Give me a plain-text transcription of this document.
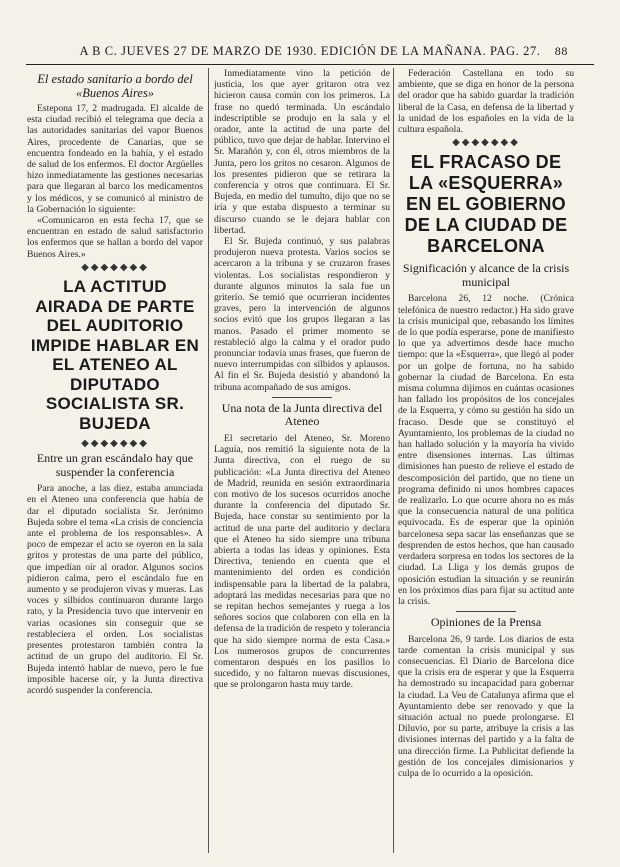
A B C. JUEVES 27 DE MARZO DE 1930. EDICIÓN DE LA MAÑANA. PAG. 27. 88
El estado sanitario a bordo del «Buenos Aires»

Estepona 17, 2 madrugada. El alcalde de esta ciudad recibió el telegrama que decía a las autoridades sanitarias del vapor Buenos Aires, procedente de Canarias, que se encuentra fondeado en la bahía, y el estado de salud de los enfermos. El doctor Argüelles hizo inmediatamente las gestiones necesarias para que llegaran al barco los medicamentos y los médicos, y se comunicó al ministro de la Gobernación lo siguiente:

«Comunicaron en esta fecha 17, que se encuentran en estado de salud satisfactorio los enfermos que se hallan a bordo del vapor Buenos Aires.»

◆◆◆◆◆◆◆
LA ACTITUD AIRADA DE PARTE DEL AUDITORIO IMPIDE HABLAR EN EL ATENEO AL DIPUTADO SOCIALISTA SR. BUJEDA
◆◆◆◆◆◆◆
Entre un gran escándalo hay que suspender la conferencia

Para anoche, a las diez, estaba anunciada en el Ateneo una conferencia que había de dar el diputado socialista Sr. Jerónimo Bujeda sobre el tema «La crisis de conciencia ante el problema de los responsables». A poco de empezar el acto se oyeron en la sala gritos y protestas de una parte del público, que impedían oír al orador. Algunos socios pidieron calma, pero el escándalo fue en aumento y se produjeron vivas y mueras. Las voces y silbidos continuaron durante largo rato, y la Presidencia tuvo que intervenir en varias ocasiones sin conseguir que se restableciera el orden. Los socialistas presentes protestaron también contra la actitud de un grupo del auditorio. El Sr. Bujeda intentó hablar de nuevo, pero le fue imposible hacerse oír, y la Junta directiva acordó suspender la conferencia.

Inmediatamente vino la petición de justicia, los que ayer gritaron otra vez hicieron causa común con los primeros. La frase no quedó terminada. Un escándalo indescriptible se produjo en la sala y el orador, ante la actitud de una parte del público, tuvo que dejar de hablar. Intervino el Sr. Marañón y, con él, otros miembros de la Junta, pero los gritos no cesaron. Algunos de los presentes pidieron que se retirara la conferencia y otros que continuara. El Sr. Bujeda, en medio del tumulto, dijo que no se iría y que estaba dispuesto a terminar su discurso cuando se le dejara hablar con libertad.

El Sr. Bujeda continuó, y sus palabras produjeron nueva protesta. Varios socios se acercaron a la tribuna y se cruzaron frases violentas. Los socialistas respondieron y durante algunos minutos la sala fue un griterío. Se temió que ocurrieran incidentes graves, pero la intervención de algunos socios evitó que los grupos llegaran a las manos. Pasado el primer momento se restableció algo la calma y el orador pudo pronunciar todavía unas frases, que fueron de nuevo interrumpidas con silbidos y aplausos. Al fin el Sr. Bujeda desistió y abandonó la tribuna acompañado de sus amigos.

Una nota de la Junta directiva del Ateneo

El secretario del Ateneo, Sr. Moreno Laguía, nos remitió la siguiente nota de la Junta directiva, con el ruego de su publicación: «La Junta directiva del Ateneo de Madrid, reunida en sesión extraordinaria con motivo de los sucesos ocurridos anoche durante la conferencia del diputado Sr. Bujeda, hace constar su sentimiento por la actitud de una parte del auditorio y declara que el Ateneo ha sido siempre una tribuna abierta a todas las ideas y opiniones. Esta Directiva, teniendo en cuenta que el mantenimiento del orden es condición indispensable para la libertad de la palabra, adoptará las medidas necesarias para que no se repitan hechos semejantes y ruega a los señores socios que colaboren con ella en la defensa de la tradición de respeto y tolerancia que ha sido siempre norma de esta Casa.» Los numerosos grupos de concurrentes comentaron después en los pasillos lo sucedido, y no faltaron nuevas discusiones, que se prolongaron hasta muy tarde.

Federación Castellana en todo su ambiente, que se diga en honor de la persona del orador que ha sabido guardar la tradición liberal de la Casa, en defensa de la libertad y la unidad de los españoles en la vida de la cultura española.

◆◆◆◆◆◆◆
EL FRACASO DE LA «ESQUERRA» EN EL GOBIERNO DE LA CIUDAD DE BARCELONA
Significación y alcance de la crisis municipal

Barcelona 26, 12 noche. (Crónica telefónica de nuestro redactor.) Ha sido grave la crisis municipal que, rebasando los límites de lo que podía esperarse, pone de manifiesto lo que ya advertimos desde hace mucho tiempo: que la «Esquerra», que llegó al poder por un golpe de fortuna, no ha sabido gobernar la ciudad de Barcelona. En esta misma columna dijimos en cuántas ocasiones han fallado los propósitos de los concejales de la Esquerra, y cómo su gestión ha sido un fracaso. Desde que se constituyó el Ayuntamiento, los problemas de la ciudad no han hallado solución y la mayoría ha vivido entre disensiones internas. Las últimas dimisiones han puesto de relieve el estado de descomposición del partido, que no tiene un programa definido ni unos hombres capaces de realizarlo. Lo que ocurre ahora no es más que la consecuencia natural de una política equivocada. Es de esperar que la opinión barcelonesa sepa sacar las enseñanzas que se desprenden de estos hechos, que han causado verdadera sorpresa en todos los sectores de la ciudad. La Lliga y los demás grupos de oposición estudian la situación y se reunirán en los próximos días para fijar su actitud ante la crisis.

Opiniones de la Prensa

Barcelona 26, 9 tarde. Los diarios de esta tarde comentan la crisis municipal y sus consecuencias. El Diario de Barcelona dice que la crisis era de esperar y que la Esquerra ha demostrado su incapacidad para gobernar la ciudad. La Veu de Catalunya afirma que el Ayuntamiento debe ser renovado y que la situación actual no puede prolongarse. El Diluvio, por su parte, atribuye la crisis a las divisiones internas del partido y a la falta de una dirección firme. La Publicitat defiende la gestión de los concejales dimisionarios y culpa de lo ocurrido a la oposición.
